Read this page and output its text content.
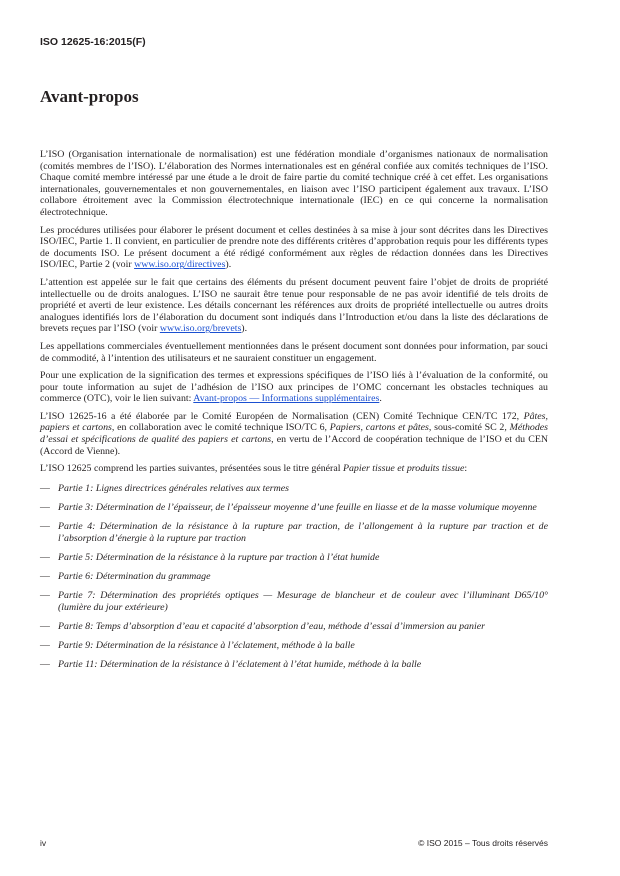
ISO 12625-16:2015(F)
Avant-propos

L’ISO (Organisation internationale de normalisation) est une fédération mondiale d’organismes nationaux de normalisation (comités membres de l’ISO). L’élaboration des Normes internationales est en général confiée aux comités techniques de l’ISO. Chaque comité membre intéressé par une étude a le droit de faire partie du comité technique créé à cet effet. Les organisations internationales, gouvernementales et non gouvernementales, en liaison avec l’ISO participent également aux travaux. L’ISO collabore étroitement avec la Commission électrotechnique internationale (IEC) en ce qui concerne la normalisation électrotechnique.

Les procédures utilisées pour élaborer le présent document et celles destinées à sa mise à jour sont décrites dans les Directives ISO/IEC, Partie 1. Il convient, en particulier de prendre note des différents critères d’approbation requis pour les différents types de documents ISO. Le présent document a été rédigé conformément aux règles de rédaction données dans les Directives ISO/IEC, Partie 2 (voir www.iso.org/directives).

L’attention est appelée sur le fait que certains des éléments du présent document peuvent faire l’objet de droits de propriété intellectuelle ou de droits analogues. L’ISO ne saurait être tenue pour responsable de ne pas avoir identifié de tels droits de propriété et averti de leur existence. Les détails concernant les références aux droits de propriété intellectuelle ou autres droits analogues identifiés lors de l’élaboration du document sont indiqués dans l’Introduction et/ou dans la liste des déclarations de brevets reçues par l’ISO (voir www.iso.org/brevets).

Les appellations commerciales éventuellement mentionnées dans le présent document sont données pour information, par souci de commodité, à l’intention des utilisateurs et ne sauraient constituer un engagement.

Pour une explication de la signification des termes et expressions spécifiques de l’ISO liés à l’évaluation de la conformité, ou pour toute information au sujet de l’adhésion de l’ISO aux principes de l’OMC concernant les obstacles techniques au commerce (OTC), voir le lien suivant: Avant-propos — Informations supplémentaires.

L’ISO 12625-16 a été élaborée par le Comité Européen de Normalisation (CEN) Comité Technique CEN/TC 172, Pâtes, papiers et cartons, en collaboration avec le comité technique ISO/TC 6, Papiers, cartons et pâtes, sous-comité SC 2, Méthodes d’essai et spécifications de qualité des papiers et cartons, en vertu de l’Accord de coopération technique de l’ISO et du CEN (Accord de Vienne).

L’ISO 12625 comprend les parties suivantes, présentées sous le titre général Papier tissue et produits tissue:

— Partie 1: Lignes directrices générales relatives aux termes
— Partie 3: Détermination de l’épaisseur, de l’épaisseur moyenne d’une feuille en liasse et de la masse volumique moyenne
— Partie 4: Détermination de la résistance à la rupture par traction, de l’allongement à la rupture par traction et de l’absorption d’énergie à la rupture par traction
— Partie 5: Détermination de la résistance à la rupture par traction à l’état humide
— Partie 6: Détermination du grammage
— Partie 7: Détermination des propriétés optiques — Mesurage de blancheur et de couleur avec l’illuminant D65/10° (lumière du jour extérieure)
— Partie 8: Temps d’absorption d’eau et capacité d’absorption d’eau, méthode d’essai d’immersion au panier
— Partie 9: Détermination de la résistance à l’éclatement, méthode à la balle
— Partie 11: Détermination de la résistance à l’éclatement à l’état humide, méthode à la balle
iv	© ISO 2015 – Tous droits réservés
